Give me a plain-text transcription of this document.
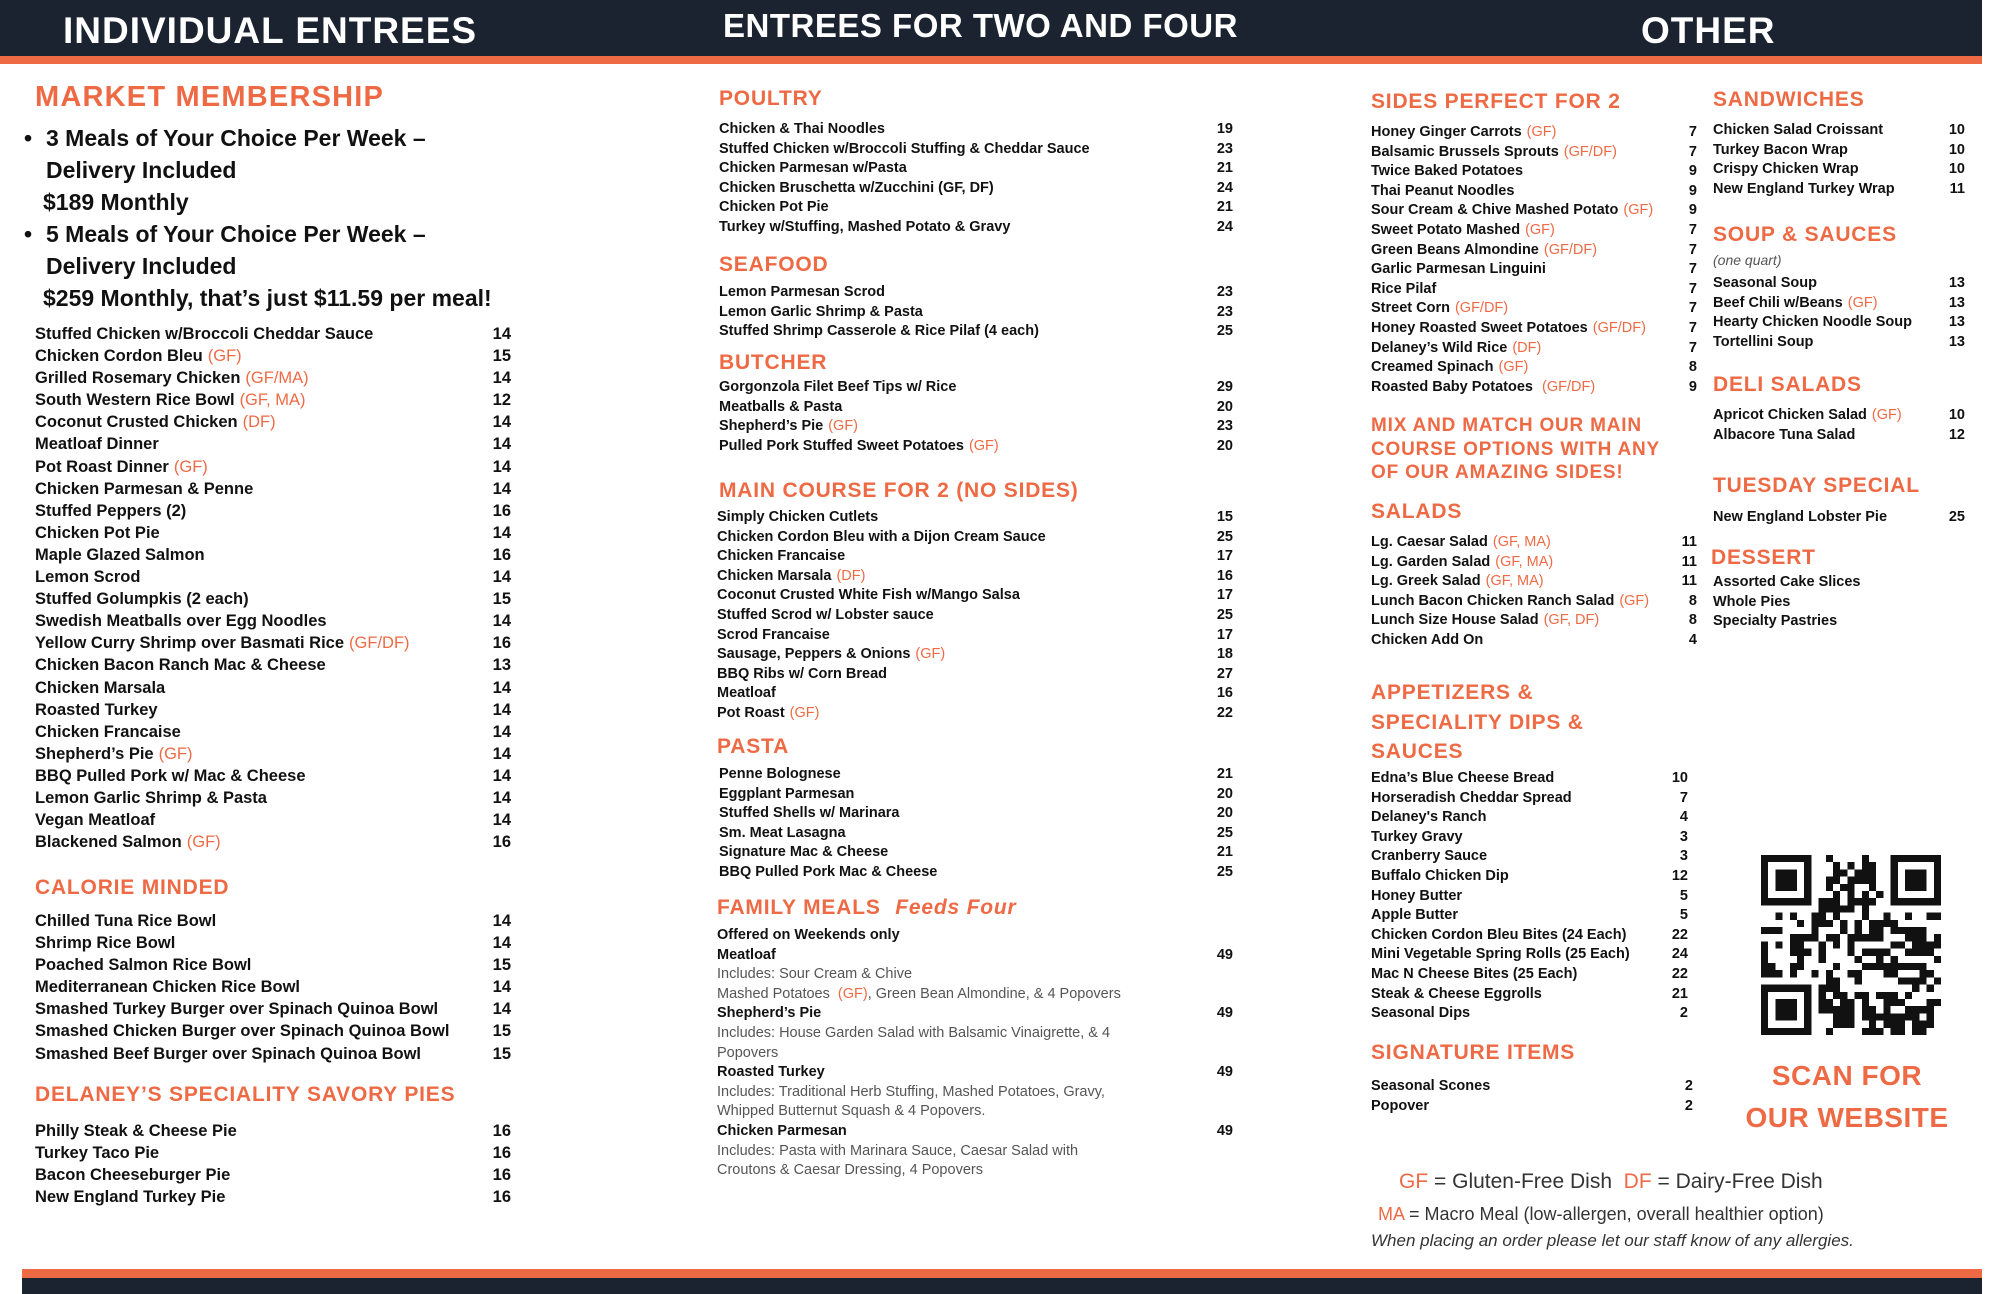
INDIVIDUAL ENTREES	ENTREES FOR TWO AND FOUR	OTHER
MARKET MEMBERSHIP
• 3 Meals of Your Choice Per Week –
Delivery Included
$189 Monthly
• 5 Meals of Your Choice Per Week –
Delivery Included
$259 Monthly, that’s just $11.59 per meal!
Stuffed Chicken w/Broccoli Cheddar Sauce	14
Chicken Cordon Bleu (GF)	15
Grilled Rosemary Chicken (GF/MA)	14
South Western Rice Bowl (GF, MA)	12
Coconut Crusted Chicken (DF)	14
Meatloaf Dinner	14
Pot Roast Dinner (GF)	14
Chicken Parmesan & Penne	14
Stuffed Peppers (2)	16
Chicken Pot Pie	14
Maple Glazed Salmon	16
Lemon Scrod	14
Stuffed Golumpkis (2 each)	15
Swedish Meatballs over Egg Noodles	14
Yellow Curry Shrimp over Basmati Rice (GF/DF)	16
Chicken Bacon Ranch Mac & Cheese	13
Chicken Marsala	14
Roasted Turkey	14
Chicken Francaise	14
Shepherd’s Pie (GF)	14
BBQ Pulled Pork w/ Mac & Cheese	14
Lemon Garlic Shrimp & Pasta	14
Vegan Meatloaf	14
Blackened Salmon (GF)	16
CALORIE MINDED
Chilled Tuna Rice Bowl	14
Shrimp Rice Bowl	14
Poached Salmon Rice Bowl	15
Mediterranean Chicken Rice Bowl	14
Smashed Turkey Burger over Spinach Quinoa Bowl	14
Smashed Chicken Burger over Spinach Quinoa Bowl	15
Smashed Beef Burger over Spinach Quinoa Bowl	15
DELANEY’S SPECIALITY SAVORY PIES
Philly Steak & Cheese Pie	16
Turkey Taco Pie	16
Bacon Cheeseburger Pie	16
New England Turkey Pie	16
POULTRY
Chicken & Thai Noodles	19
Stuffed Chicken w/Broccoli Stuffing & Cheddar Sauce	23
Chicken Parmesan w/Pasta	21
Chicken Bruschetta w/Zucchini (GF, DF)	24
Chicken Pot Pie	21
Turkey w/Stuffing, Mashed Potato & Gravy	24
SEAFOOD
Lemon Parmesan Scrod	23
Lemon Garlic Shrimp & Pasta	23
Stuffed Shrimp Casserole & Rice Pilaf (4 each)	25
BUTCHER
Gorgonzola Filet Beef Tips w/ Rice	29
Meatballs & Pasta	20
Shepherd’s Pie (GF)	23
Pulled Pork Stuffed Sweet Potatoes (GF)	20
MAIN COURSE FOR 2 (NO SIDES)
Simply Chicken Cutlets	15
Chicken Cordon Bleu with a Dijon Cream Sauce	25
Chicken Francaise	17
Chicken Marsala (DF)	16
Coconut Crusted White Fish w/Mango Salsa	17
Stuffed Scrod w/ Lobster sauce	25
Scrod Francaise	17
Sausage, Peppers & Onions (GF)	18
BBQ Ribs w/ Corn Bread	27
Meatloaf	16
Pot Roast (GF)	22
PASTA
Penne Bolognese	21
Eggplant Parmesan	20
Stuffed Shells w/ Marinara	20
Sm. Meat Lasagna	25
Signature Mac & Cheese	21
BBQ Pulled Pork Mac & Cheese	25
FAMILY MEALS Feeds Four
Offered on Weekends only
Meatloaf	49
Includes: Sour Cream & Chive
Mashed Potatoes (GF), Green Bean Almondine, & 4 Popovers
Shepherd’s Pie	49
Includes: House Garden Salad with Balsamic Vinaigrette, & 4
Popovers
Roasted Turkey	49
Includes: Traditional Herb Stuffing, Mashed Potatoes, Gravy,
Whipped Butternut Squash & 4 Popovers.
Chicken Parmesan	49
Includes: Pasta with Marinara Sauce, Caesar Salad with
Croutons & Caesar Dressing, 4 Popovers
SIDES PERFECT FOR 2
Honey Ginger Carrots (GF)	7
Balsamic Brussels Sprouts (GF/DF)	7
Twice Baked Potatoes	9
Thai Peanut Noodles	9
Sour Cream & Chive Mashed Potato (GF) 9
Sweet Potato Mashed (GF)	7
Green Beans Almondine (GF/DF)	7
Garlic Parmesan Linguini	7
Rice Pilaf	7
Street Corn (GF/DF)	7
Honey Roasted Sweet Potatoes (GF/DF)	7
Delaney’s Wild Rice (DF)	7
Creamed Spinach (GF)	8
Roasted Baby Potatoes (GF/DF)	9
MIX AND MATCH OUR MAIN
COURSE OPTIONS WITH ANY
OF OUR AMAZING SIDES!
SALADS
Lg. Caesar Salad (GF, MA)	11
Lg. Garden Salad (GF, MA)	11
Lg. Greek Salad (GF, MA)	11
Lunch Bacon Chicken Ranch Salad (GF)	8
Lunch Size House Salad (GF, DF)	8
Chicken Add On	4
APPETIZERS &
SPECIALITY DIPS &
SAUCES
Edna’s Blue Cheese Bread	10
Horseradish Cheddar Spread	7
Delaney's Ranch	4
Turkey Gravy	3
Cranberry Sauce	3
Buffalo Chicken Dip	12
Honey Butter	5
Apple Butter	5
Chicken Cordon Bleu Bites (24 Each)	22
Mini Vegetable Spring Rolls (25 Each)	24
Mac N Cheese Bites (25 Each)	22
Steak & Cheese Eggrolls	21
Seasonal Dips	2
SIGNATURE ITEMS
Seasonal Scones	2
Popover	2
SANDWICHES
Chicken Salad Croissant	10
Turkey Bacon Wrap	10
Crispy Chicken Wrap	10
New England Turkey Wrap	11
SOUP & SAUCES
(one quart)
Seasonal Soup	13
Beef Chili w/Beans (GF)	13
Hearty Chicken Noodle Soup	13
Tortellini Soup	13
DELI SALADS
Apricot Chicken Salad (GF)	10
Albacore Tuna Salad	12
TUESDAY SPECIAL
New England Lobster Pie	25
DESSERT
Assorted Cake Slices
Whole Pies
Specialty Pastries
SCAN FOR
OUR WEBSITE
GF = Gluten-Free Dish DF = Dairy-Free Dish
MA = Macro Meal (low-allergen, overall healthier option)
When placing an order please let our staff know of any allergies.
